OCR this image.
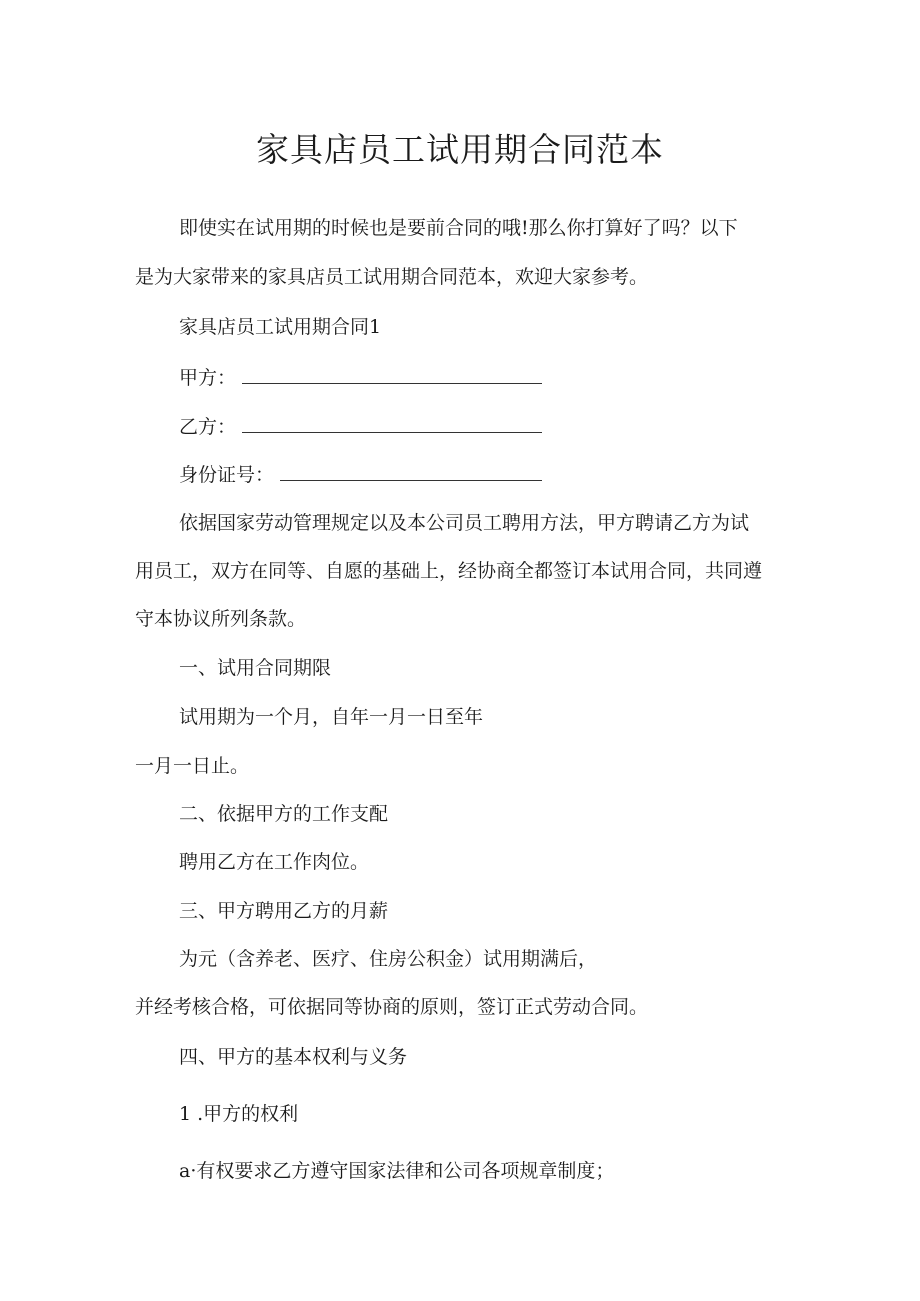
家具店员工试用期合同范本

即使实在试用期的时候也是要前合同的哦!那么你打算好了吗？以下

是为大家带来的家具店员工试用期合同范本，欢迎大家参考。

家具店员工试用期合同1

甲方：

乙方：

身份证号：

依据国家劳动管理规定以及本公司员工聘用方法，甲方聘请乙方为试

用员工，双方在同等、自愿的基础上，经协商全都签订本试用合同，共同遵

守本协议所列条款。

一、试用合同期限

试用期为一个月，自年一月一日至年

一月一日止。

二、依据甲方的工作支配

聘用乙方在工作肉位。

三、甲方聘用乙方的月薪

为元（含养老、医疗、住房公积金）试用期满后，

并经考核合格，可依据同等协商的原则，签订正式劳动合同。

四、甲方的基本权利与义务

1 .甲方的权利

a·有权要求乙方遵守国家法律和公司各项规章制度；
